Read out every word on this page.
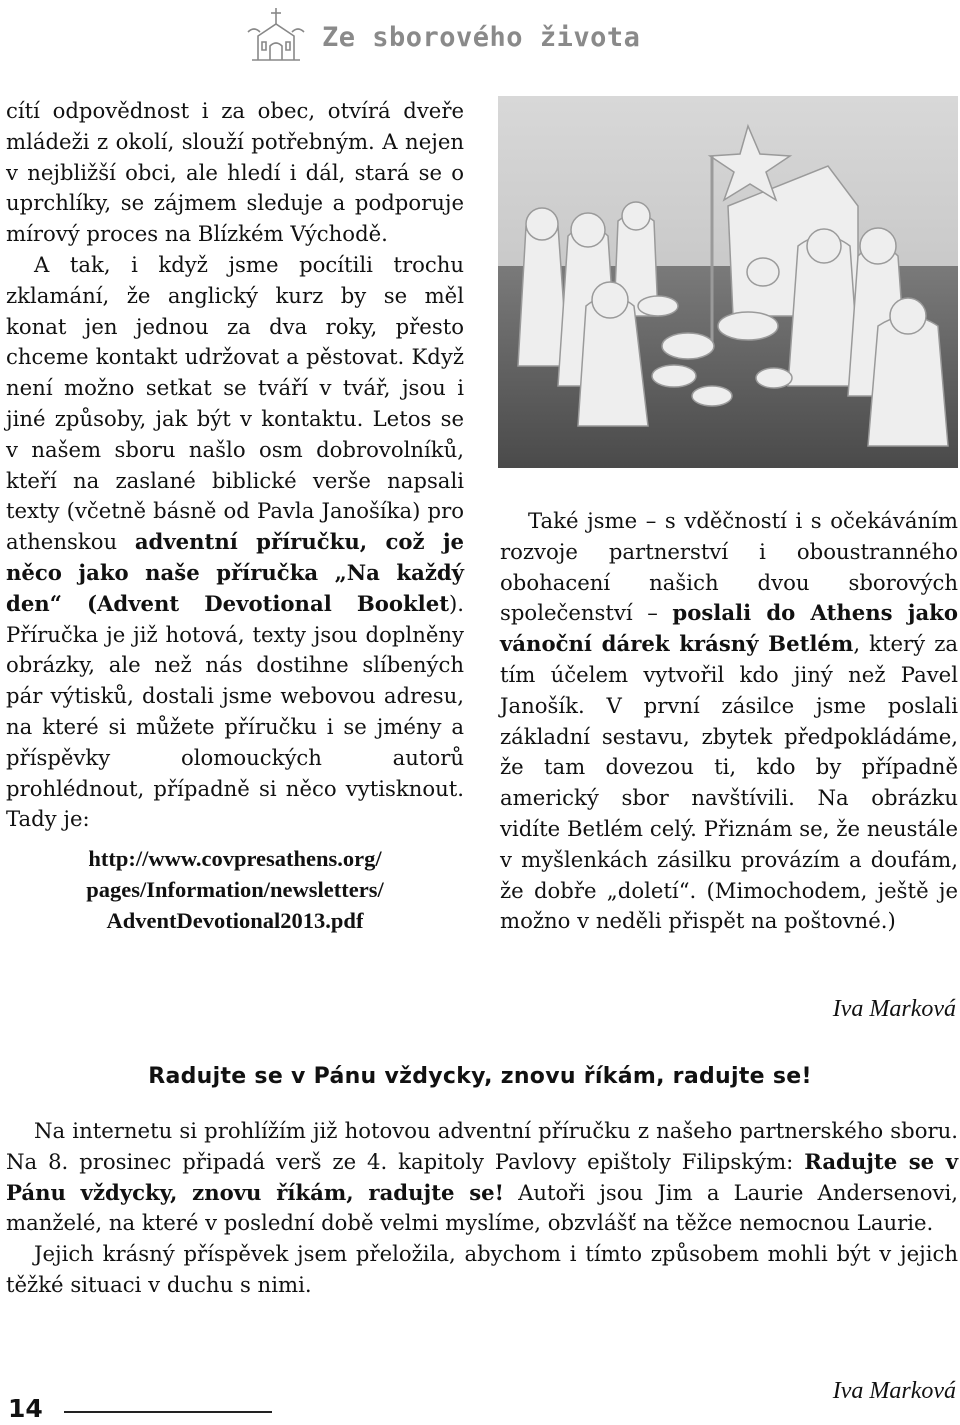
Ze sborového života

cítí odpovědnost i za obec, otvírá dveře mládeži z okolí, slouží potřebným. A nejen v nejbližší obci, ale hledí i dál, stará se o uprchlíky, se zájmem sleduje a podporuje mírový proces na Blízkém Východě.

A tak, i když jsme pocítili trochu zklamání, že anglický kurz by se měl konat jen jednou za dva roky, přesto chceme kontakt udržovat a pěstovat. Když není možno setkat se tváří v tvář, jsou i jiné způsoby, jak být v kontaktu. Letos se v našem sboru našlo osm dobrovolníků, kteří na zaslané biblické verše napsali texty (včetně básně od Pavla Janošíka) pro athenskou adventní příručku, což je něco jako naše příručka „Na každý den“ (Advent Devotional Booklet). Příručka je již hotová, texty jsou doplněny obrázky, ale než nás dostihne slíbených pár výtisků, dostali jsme webovou adresu, na které si můžete příručku i se jmény a příspěvky olomouckých autorů prohlédnout, případně si něco vytisknout. Tady je:

http://www.covpresathens.org/
pages/Information/newsletters/
AdventDevotional2013.pdf

Také jsme – s vděčností i s očekáváním rozvoje partnerství i oboustranného obohacení našich dvou sborových společenství – poslali do Athens jako vánoční dárek krásný Betlém, který za tím účelem vytvořil kdo jiný než Pavel Janošík. V první zásilce jsme poslali základní sestavu, zbytek předpokládáme, že tam dovezou ti, kdo by případně americký sbor navštívili. Na obrázku vidíte Betlém celý. Přiznám se, že neustále v myšlenkách zásilku provázím a doufám, že dobře „doletí“. (Mimochodem, ještě je možno v neděli přispět na poštovné.)

Iva Marková
Radujte se v Pánu vždycky, znovu říkám, radujte se!

Na internetu si prohlížím již hotovou adventní příručku z našeho partnerského sboru. Na 8. prosinec připadá verš ze 4. kapitoly Pavlovy epištoly Filipským: Radujte se v Pánu vždycky, znovu říkám, radujte se! Autoři jsou Jim a Laurie Andersenovi, manželé, na které v poslední době velmi myslíme, obzvlášť na těžce nemocnou Laurie.

Jejich krásný příspěvek jsem přeložila, abychom i tímto způsobem mohli být v jejich těžké situaci v duchu s nimi.

Iva Marková
14
